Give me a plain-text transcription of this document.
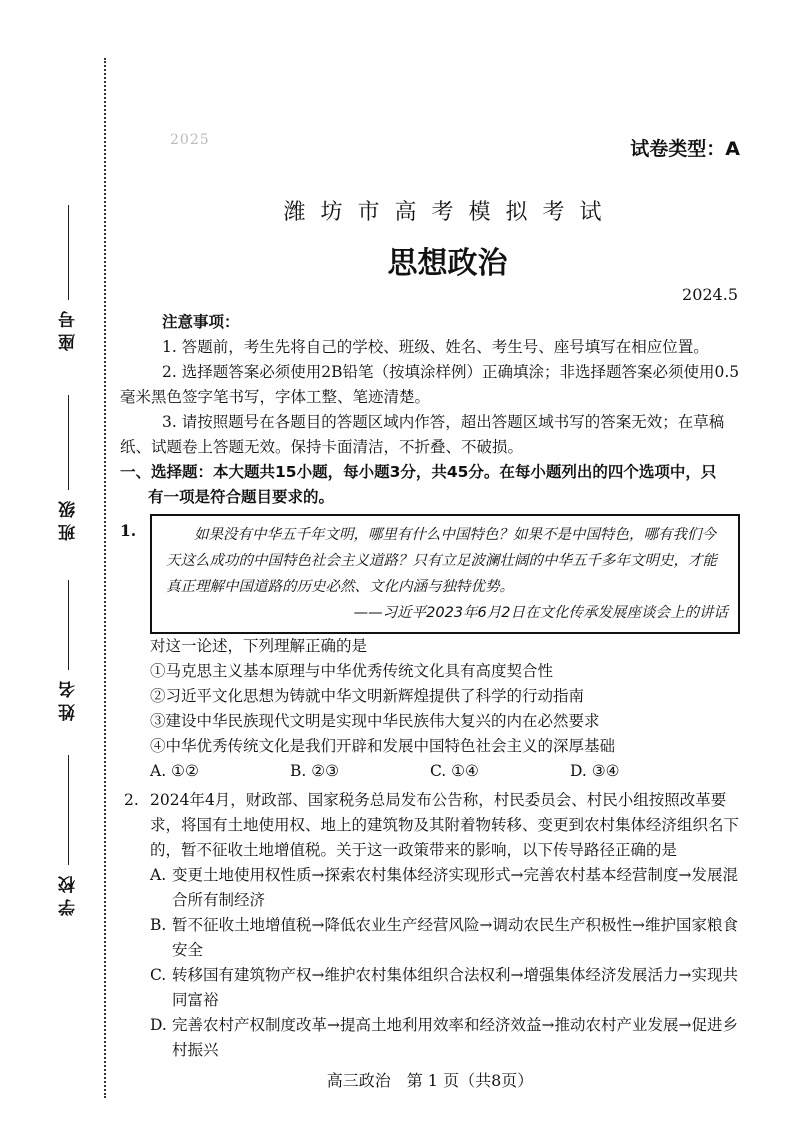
座号
班级
姓名
学校
2025	试卷类型：A
潍坊市高考模拟考试
思想政治
2024.5
注意事项：
1. 答题前，考生先将自己的学校、班级、姓名、考生号、座号填写在相应位置。
2. 选择题答案必须使用2B铅笔（按填涂样例）正确填涂；非选择题答案必须使用0.5毫米黑色签字笔书写，字体工整、笔迹清楚。
3. 请按照题号在各题目的答题区域内作答，超出答题区域书写的答案无效；在草稿纸、试题卷上答题无效。保持卡面清洁，不折叠、不破损。
一、选择题：本大题共15小题，每小题3分，共45分。在每小题列出的四个选项中，只
有一项是符合题目要求的。
1.	如果没有中华五千年文明，哪里有什么中国特色？如果不是中国特色，哪有我们今天这么成功的中国特色社会主义道路？只有立足波澜壮阔的中华五千多年文明史，才能真正理解中国道路的历史必然、文化内涵与独特优势。
——习近平2023年6月2日在文化传承发展座谈会上的讲话
对这一论述，下列理解正确的是
①马克思主义基本原理与中华优秀传统文化具有高度契合性
②习近平文化思想为铸就中华文明新辉煌提供了科学的行动指南
③建设中华民族现代文明是实现中华民族伟大复兴的内在必然要求
④中华优秀传统文化是我们开辟和发展中国特色社会主义的深厚基础
A. ①②	B. ②③	C. ①④	D. ③④
2. 2024年4月，财政部、国家税务总局发布公告称，村民委员会、村民小组按照改革要求，将国有土地使用权、地上的建筑物及其附着物转移、变更到农村集体经济组织名下的，暂不征收土地增值税。关于这一政策带来的影响，以下传导路径正确的是
A. 变更土地使用权性质→探索农村集体经济实现形式→完善农村基本经营制度→发展混合所有制经济
B. 暂不征收土地增值税→降低农业生产经营风险→调动农民生产积极性→维护国家粮食安全
C. 转移国有建筑物产权→维护农村集体组织合法权利→增强集体经济发展活力→实现共同富裕
D. 完善农村产权制度改革→提高土地利用效率和经济效益→推动农村产业发展→促进乡村振兴
高三政治　第 1 页（共8页）
